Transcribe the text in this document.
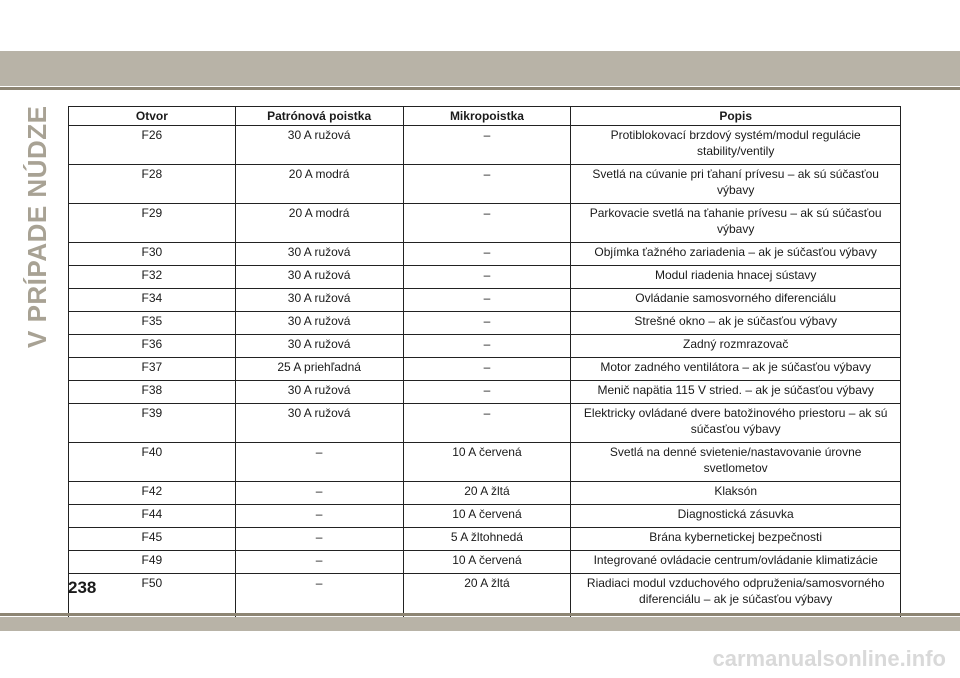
V PRÍPADE NÚDZE	Otvor	Patrónová poistka	Mikropoistka	Popis
F26	30 A ružová	–	Protiblokovací brzdový systém/modul regulácie stability/ventily
F28	20 A modrá	–	Svetlá na cúvanie pri ťahaní prívesu – ak sú súčasťou výbavy
F29	20 A modrá	–	Parkovacie svetlá na ťahanie prívesu – ak sú súčasťou výbavy
F30	30 A ružová	–	Objímka ťažného zariadenia – ak je súčasťou výbavy
F32	30 A ružová	–	Modul riadenia hnacej sústavy
F34	30 A ružová	–	Ovládanie samosvorného diferenciálu
F35	30 A ružová	–	Strešné okno – ak je súčasťou výbavy
F36	30 A ružová	–	Zadný rozmrazovač
F37	25 A priehľadná	–	Motor zadného ventilátora – ak je súčasťou výbavy
F38	30 A ružová	–	Menič napätia 115 V stried. – ak je súčasťou výbavy
F39	30 A ružová	–	Elektricky ovládané dvere batožinového priestoru – ak sú súčasťou výbavy
F40	–	10 A červená	Svetlá na denné svietenie/nastavovanie úrovne svetlometov
F42	–	20 A žltá	Klaksón
F44	–	10 A červená	Diagnostická zásuvka
F45	–	5 A žltohnedá	Brána kybernetickej bezpečnosti
F49	–	10 A červená	Integrované ovládacie centrum/ovládanie klimatizácie
F50	–	20 A žltá	Riadiaci modul vzduchového odpruženia/samosvorného diferenciálu – ak je súčasťou výbavy
238
carmanualsonline.info
